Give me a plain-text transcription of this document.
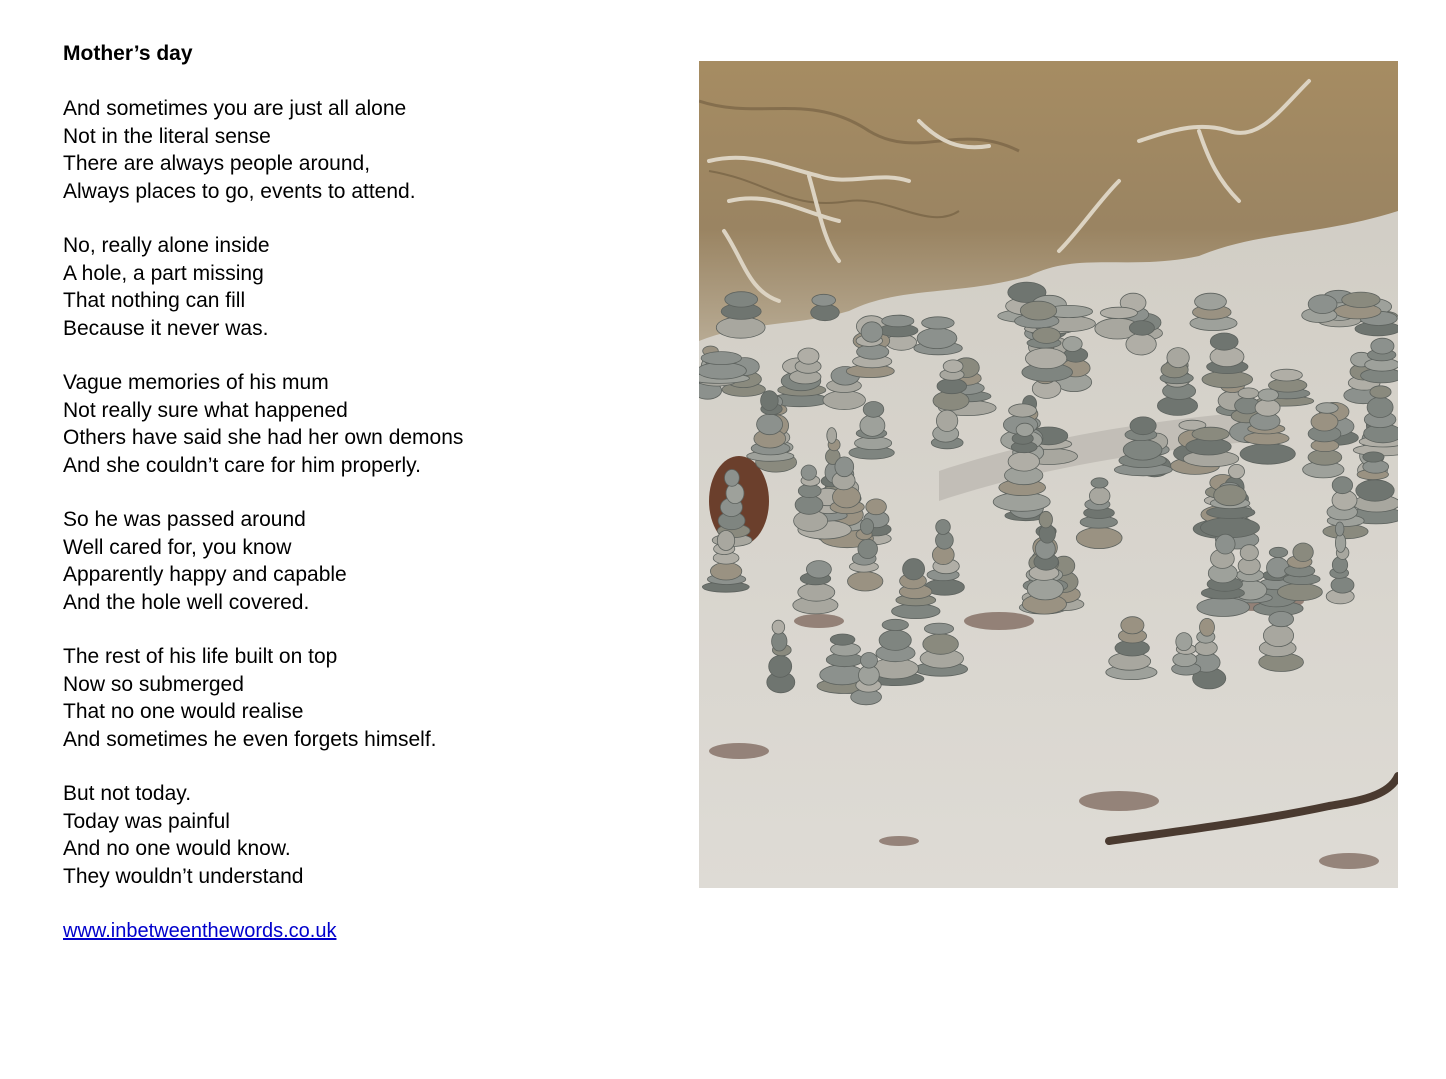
Mother’s day
And sometimes you are just all alone
Not in the literal sense
There are always people around,
Always places to go, events to attend.
No, really alone inside
A hole, a part missing
That nothing can fill
Because it never was.
Vague memories of his mum
Not really sure what happened
Others have said she had her own demons
And she couldn’t care for him properly.
So he was passed around
Well cared for, you know
Apparently happy and capable
And the hole well covered.
The rest of his life built on top
Now so submerged
That no one would realise
And sometimes he even forgets himself.
But not today.
Today was painful
And no one would know.
They wouldn’t understand
www.inbetweenthewords.co.uk
